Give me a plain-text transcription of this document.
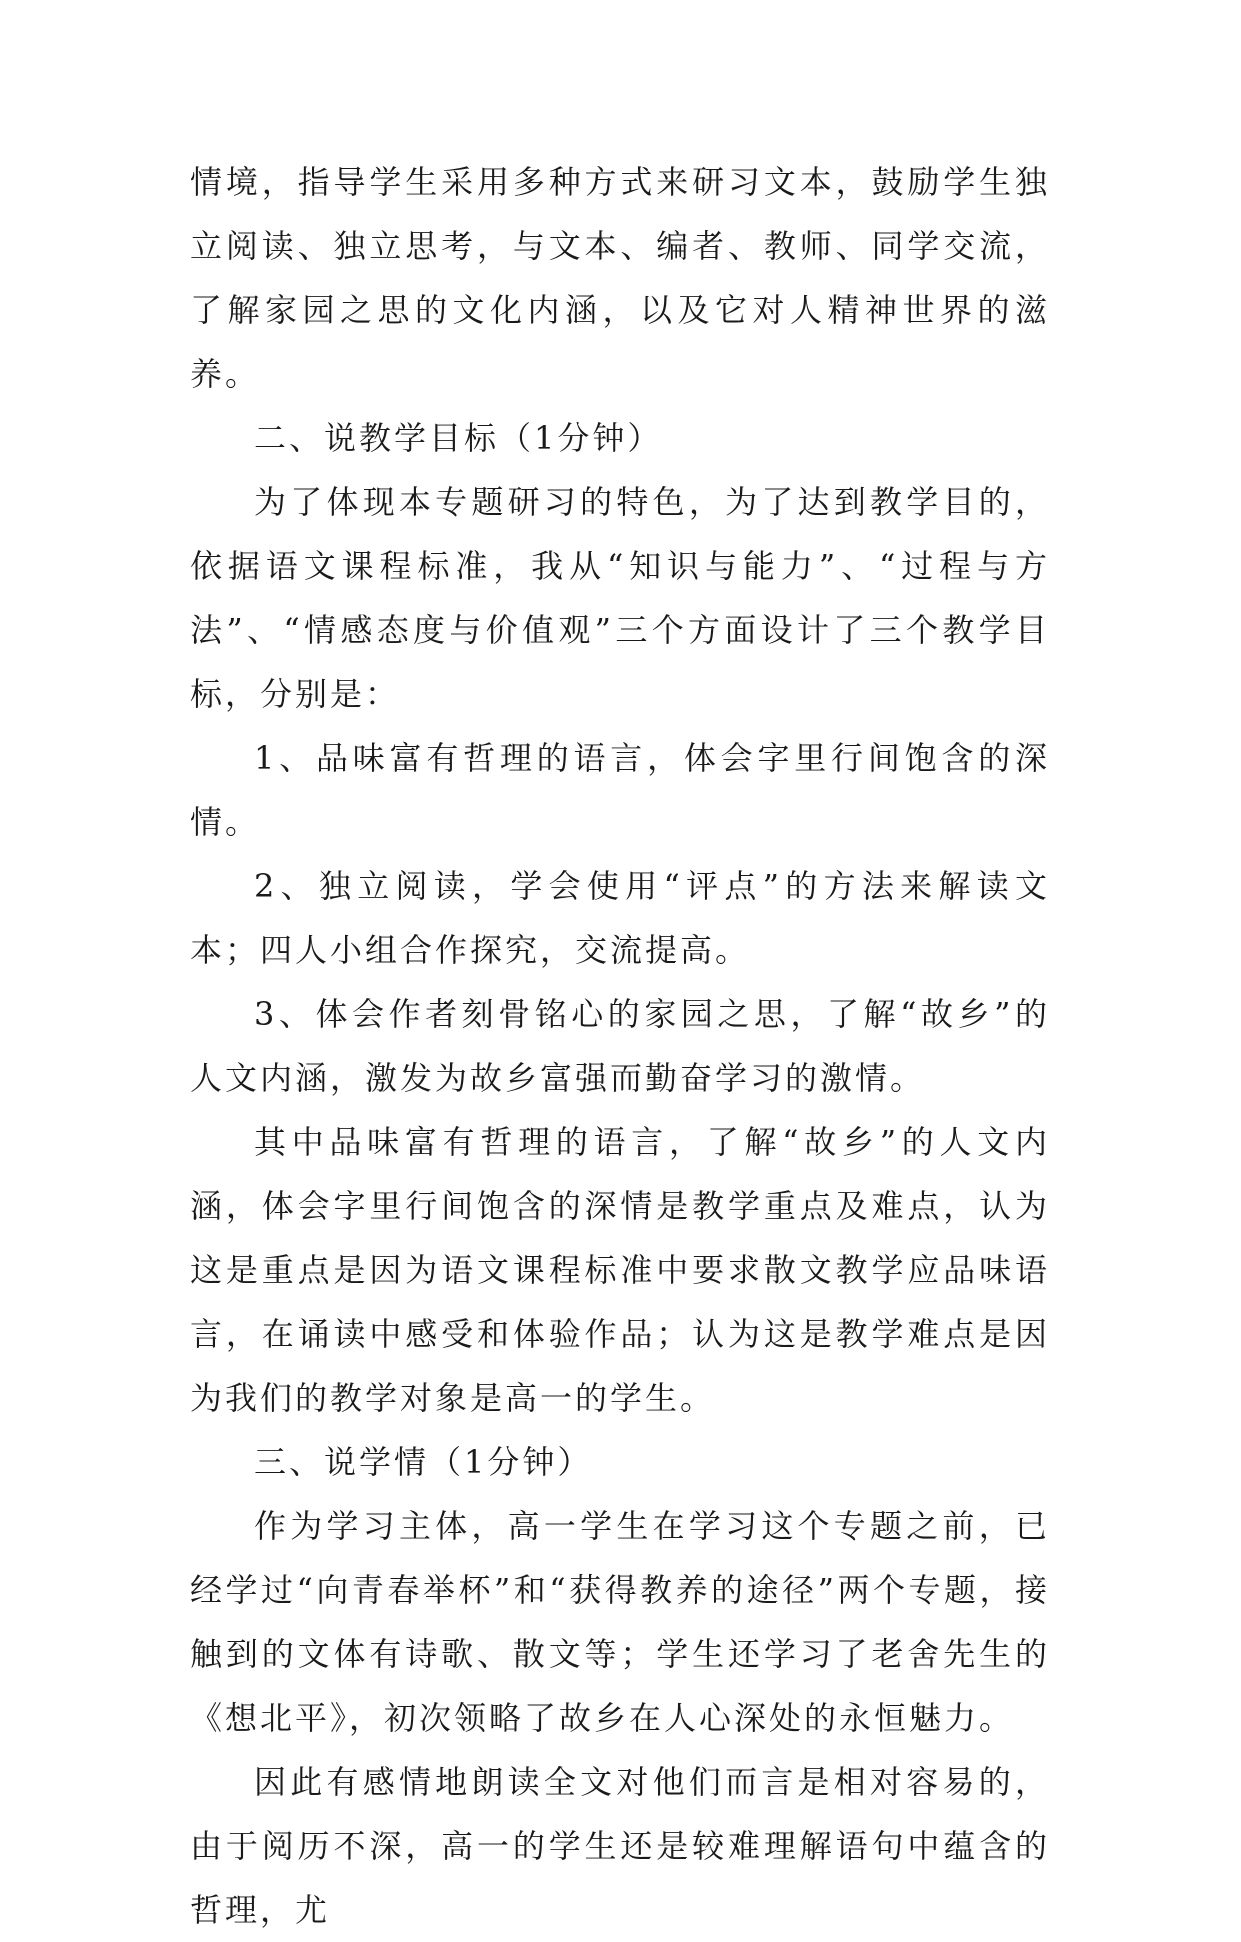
情境，指导学生采用多种方式来研习文本，鼓励学生独立阅读、独立思考，与文本、编者、教师、同学交流，了解家园之思的文化内涵，以及它对人精神世界的滋养。

二、说教学目标（1分钟）

为了体现本专题研习的特色，为了达到教学目的，依据语文课程标准，我从“知识与能力”、“过程与方法”、“情感态度与价值观”三个方面设计了三个教学目标，分别是：

1、品味富有哲理的语言，体会字里行间饱含的深情。

2、独立阅读，学会使用“评点”的方法来解读文本；四人小组合作探究，交流提高。

3、体会作者刻骨铭心的家园之思，了解“故乡”的人文内涵，激发为故乡富强而勤奋学习的激情。

其中品味富有哲理的语言，了解“故乡”的人文内涵，体会字里行间饱含的深情是教学重点及难点，认为这是重点是因为语文课程标准中要求散文教学应品味语言，在诵读中感受和体验作品；认为这是教学难点是因为我们的教学对象是高一的学生。

三、说学情（1分钟）

作为学习主体，高一学生在学习这个专题之前，已经学过“向青春举杯”和“获得教养的途径”两个专题，接触到的文体有诗歌、散文等；学生还学习了老舍先生的《想北平》，初次领略了故乡在人心深处的永恒魅力。

因此有感情地朗读全文对他们而言是相对容易的，由于阅历不深，高一的学生还是较难理解语句中蕴含的哲理，尤
